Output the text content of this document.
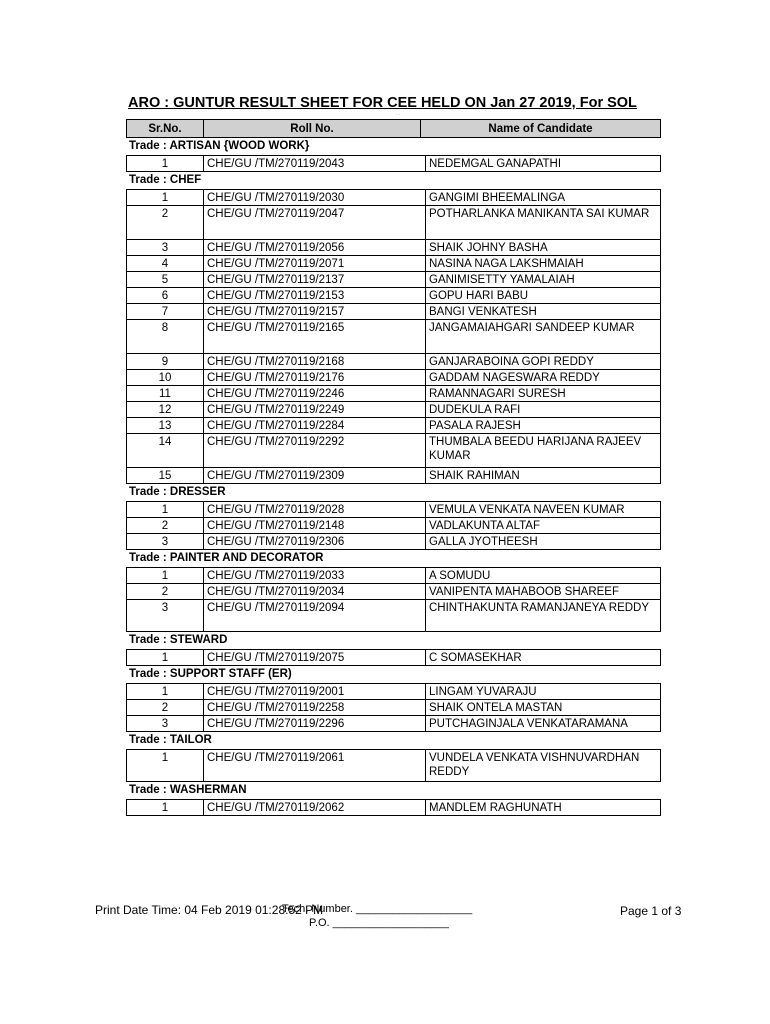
ARO : GUNTUR RESULT SHEET FOR CEE HELD ON Jan 27 2019, For SOL
- -
Sr.No.	Roll No.	Name of Candidate
Trade : ARTISAN {WOOD WORK}
1	CHE/GU /TM/270119/2043	NEDEMGAL GANAPATHI
Trade : CHEF
1	CHE/GU /TM/270119/2030	GANGIMI BHEEMALINGA
2	CHE/GU /TM/270119/2047	POTHARLANKA MANIKANTA SAI KUMAR
3	CHE/GU /TM/270119/2056	SHAIK JOHNY BASHA
4	CHE/GU /TM/270119/2071	NASINA NAGA LAKSHMAIAH
5	CHE/GU /TM/270119/2137	GANIMISETTY YAMALAIAH
6	CHE/GU /TM/270119/2153	GOPU HARI BABU
7	CHE/GU /TM/270119/2157	BANGI VENKATESH
8	CHE/GU /TM/270119/2165	JANGAMAIAHGARI SANDEEP KUMAR
9	CHE/GU /TM/270119/2168	GANJARABOINA GOPI REDDY
10	CHE/GU /TM/270119/2176	GADDAM NAGESWARA REDDY
11	CHE/GU /TM/270119/2246	RAMANNAGARI SURESH
12	CHE/GU /TM/270119/2249	DUDEKULA RAFI
13	CHE/GU /TM/270119/2284	PASALA RAJESH
14	CHE/GU /TM/270119/2292	THUMBALA BEEDU HARIJANA RAJEEV KUMAR
15	CHE/GU /TM/270119/2309	SHAIK RAHIMAN
Trade : DRESSER
1	CHE/GU /TM/270119/2028	VEMULA VENKATA NAVEEN KUMAR
2	CHE/GU /TM/270119/2148	VADLAKUNTA ALTAF
3	CHE/GU /TM/270119/2306	GALLA JYOTHEESH
Trade : PAINTER AND DECORATOR
1	CHE/GU /TM/270119/2033	A SOMUDU
2	CHE/GU /TM/270119/2034	VANIPENTA MAHABOOB SHAREEF
3	CHE/GU /TM/270119/2094	CHINTHAKUNTA RAMANJANEYA REDDY
Trade : STEWARD
1	CHE/GU /TM/270119/2075	C SOMASEKHAR
Trade : SUPPORT STAFF (ER)
1	CHE/GU /TM/270119/2001	LINGAM YUVARAJU
2	CHE/GU /TM/270119/2258	SHAIK ONTELA MASTAN
3	CHE/GU /TM/270119/2296	PUTCHAGINJALA VENKATARAMANA
Trade : TAILOR
1	CHE/GU /TM/270119/2061	VUNDELA VENKATA VISHNUVARDHAN REDDY
Trade : WASHERMAN
1	CHE/GU /TM/270119/2062	MANDLEM RAGHUNATH
Print Date Time: 04 Feb 2019 01:28:52 PM
Tech. Number. ___________________
P.O. ___________________
Page 1 of 3
